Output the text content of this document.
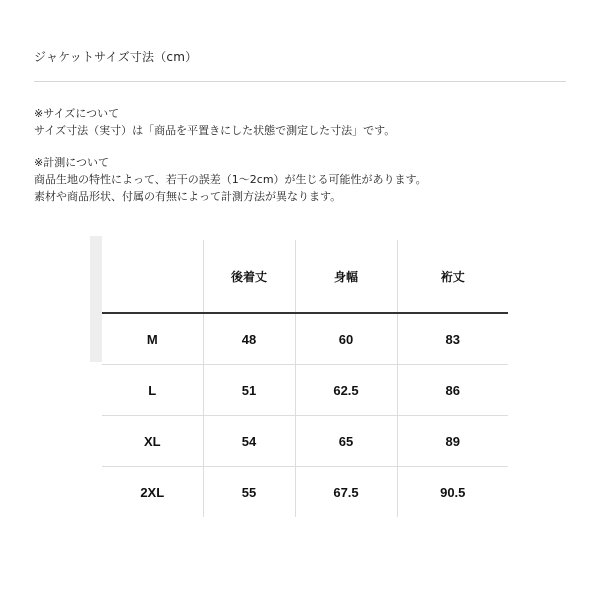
ジャケットサイズ寸法（cm）

※サイズについて

サイズ寸法（実寸）は「商品を平置きにした状態で測定した寸法」です。

※計測について

商品生地の特性によって、若干の誤差（1〜2cm）が生じる可能性があります。

素材や商品形状、付属の有無によって計測方法が異なります。

	後着丈	身幅	裄丈
M	48	60	83
L	51	62.5	86
XL	54	65	89
2XL	55	67.5	90.5
